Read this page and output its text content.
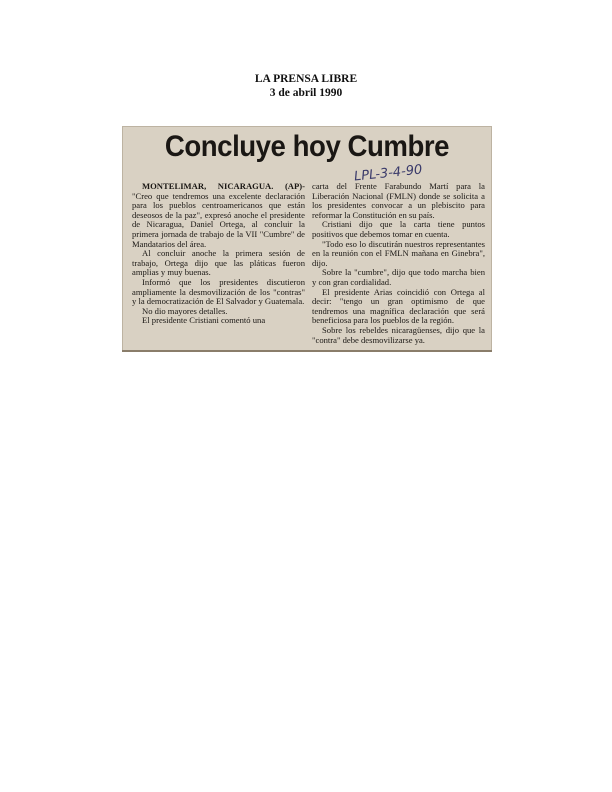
LA PRENSA LIBRE
3 de abril 1990
Concluye hoy Cumbre
LPL-3-4-90

MONTELIMAR, NICARAGUA. (AP)- "Creo que tendremos una excelente declaración para los pueblos centroamericanos que están deseosos de la paz", expresó anoche el presidente de Nicaragua, Daniel Ortega, al concluir la primera jornada de trabajo de la VII "Cumbre" de Mandatarios del área.

Al concluir anoche la primera sesión de trabajo, Ortega dijo que las pláticas fueron amplias y muy buenas.

Informó que los presidentes discutieron ampliamente la desmovilización de los "contras" y la democratización de El Salvador y Guatemala.

No dio mayores detalles.

El presidente Cristiani comentó una

carta del Frente Farabundo Martí para la Liberación Nacional (FMLN) donde se solicita a los presidentes convocar a un plebiscito para reformar la Constitución en su país.

Cristiani dijo que la carta tiene puntos positivos que debemos tomar en cuenta.

"Todo eso lo discutirán nuestros representantes en la reunión con el FMLN mañana en Ginebra", dijo.

Sobre la "cumbre", dijo que todo marcha bien y con gran cordialidad.

El presidente Arias coincidió con Ortega al decir: "tengo un gran optimismo de que tendremos una magnífica declaración que será beneficiosa para los pueblos de la región.

Sobre los rebeldes nicaragüenses, dijo que la "contra" debe desmovilizarse ya.
